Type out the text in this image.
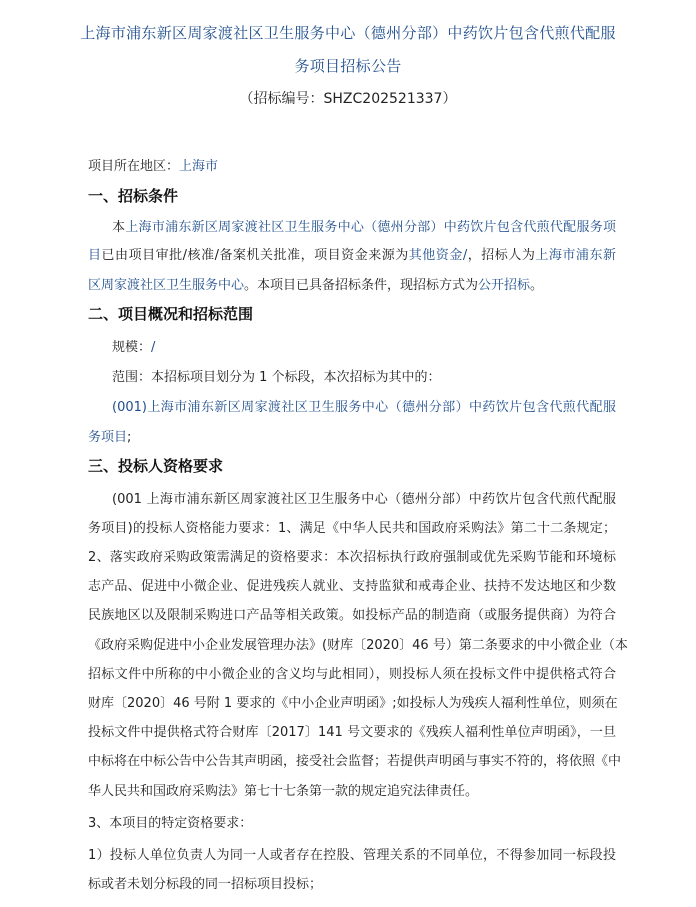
上海市浦东新区周家渡社区卫生服务中心（德州分部）中药饮片包含代煎代配服
务项目招标公告
（招标编号：SHZC202521337）
项目所在地区：上海市
一、招标条件
本上海市浦东新区周家渡社区卫生服务中心（德州分部）中药饮片包含代煎代配服务项
目已由项目审批/核准/备案机关批准，项目资金来源为其他资金/，招标人为上海市浦东新
区周家渡社区卫生服务中心。本项目已具备招标条件，现招标方式为公开招标。
二、项目概况和招标范围
规模：/
范围：本招标项目划分为 1 个标段，本次招标为其中的：
(001)上海市浦东新区周家渡社区卫生服务中心（德州分部）中药饮片包含代煎代配服
务项目;
三、投标人资格要求
(001 上海市浦东新区周家渡社区卫生服务中心（德州分部）中药饮片包含代煎代配服
务项目)的投标人资格能力要求：1、满足《中华人民共和国政府采购法》第二十二条规定；
2、落实政府采购政策需满足的资格要求：本次招标执行政府强制或优先采购节能和环境标
志产品、促进中小微企业、促进残疾人就业、支持监狱和戒毒企业、扶持不发达地区和少数
民族地区以及限制采购进口产品等相关政策。如投标产品的制造商（或服务提供商）为符合
《政府采购促进中小企业发展管理办法》(财库〔2020〕46 号）第二条要求的中小微企业（本
招标文件中所称的中小微企业的含义均与此相同），则投标人须在投标文件中提供格式符合
财库〔2020〕46 号附 1 要求的《中小企业声明函》;如投标人为残疾人福利性单位，则须在
投标文件中提供格式符合财库〔2017〕141 号文要求的《残疾人福利性单位声明函》，一旦
中标将在中标公告中公告其声明函，接受社会监督；若提供声明函与事实不符的，将依照《中
华人民共和国政府采购法》第七十七条第一款的规定追究法律责任。
3、本项目的特定资格要求：
1）投标人单位负责人为同一人或者存在控股、管理关系的不同单位，不得参加同一标段投
标或者未划分标段的同一招标项目投标；
